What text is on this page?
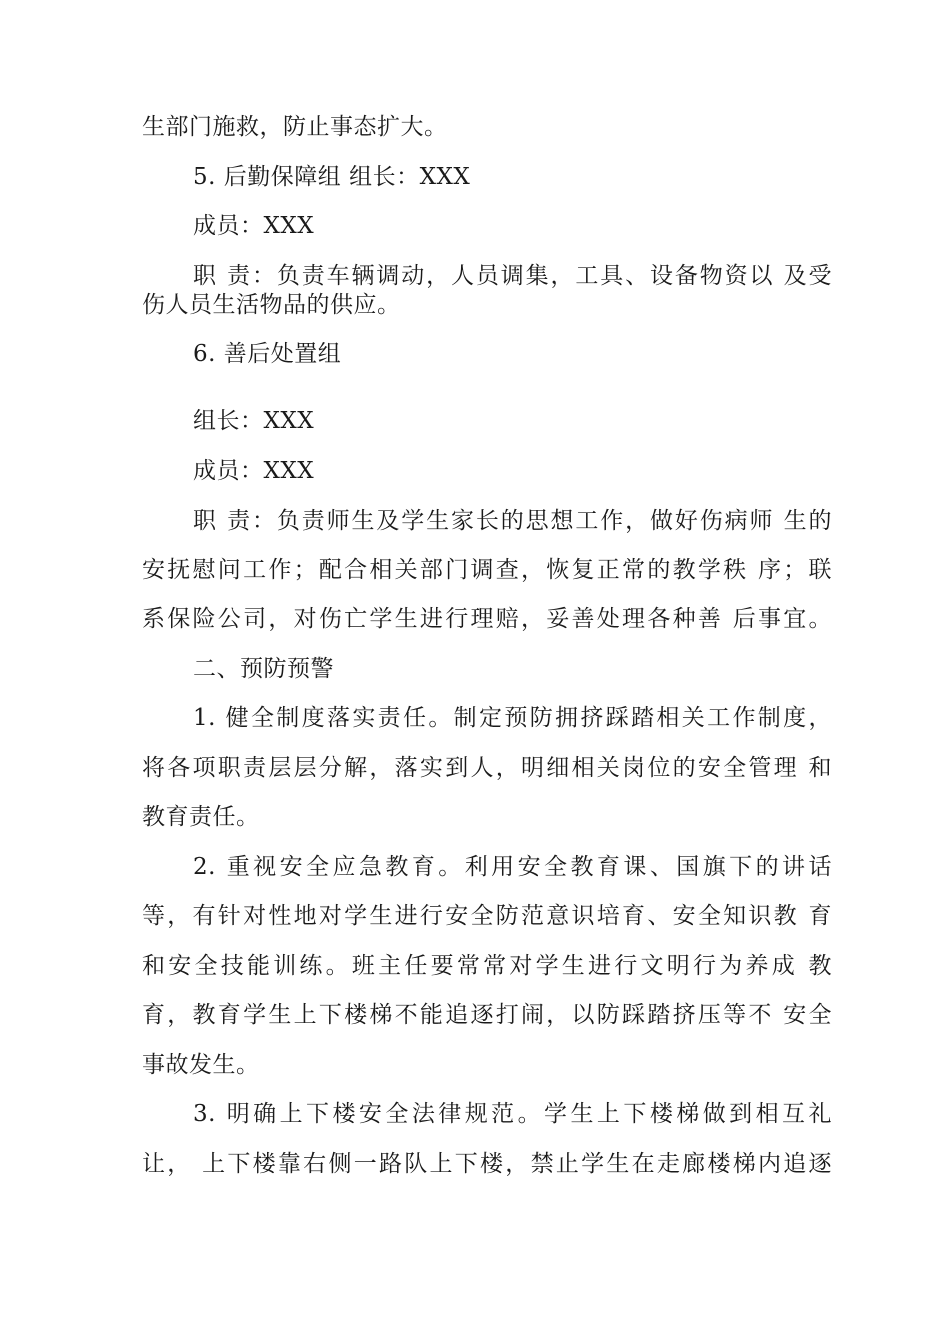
生部门施救，防止事态扩大。
5. 后勤保障组 组长：XXX
成员：XXX
职 责：负责车辆调动，人员调集，工具、设备物资以 及受
伤人员生活物品的供应。
6. 善后处置组
组长：XXX
成员：XXX
职 责：负责师生及学生家长的思想工作，做好伤病师 生的
安抚慰问工作；配合相关部门调查，恢复正常的教学秩 序；联
系保险公司，对伤亡学生进行理赔，妥善处理各种善 后事宜。
二、预防预警
1. 健全制度落实责任。制定预防拥挤踩踏相关工作制度，
将各项职责层层分解，落实到人，明细相关岗位的安全管理 和
教育责任。
2. 重视安全应急教育。利用安全教育课、国旗下的讲话
等，有针对性地对学生进行安全防范意识培育、安全知识教 育
和安全技能训练。班主任要常常对学生进行文明行为养成 教
育，教育学生上下楼梯不能追逐打闹，以防踩踏挤压等不 安全
事故发生。
3. 明确上下楼安全法律规范。学生上下楼梯做到相互礼
让， 上下楼靠右侧一路队上下楼，禁止学生在走廊楼梯内追逐
